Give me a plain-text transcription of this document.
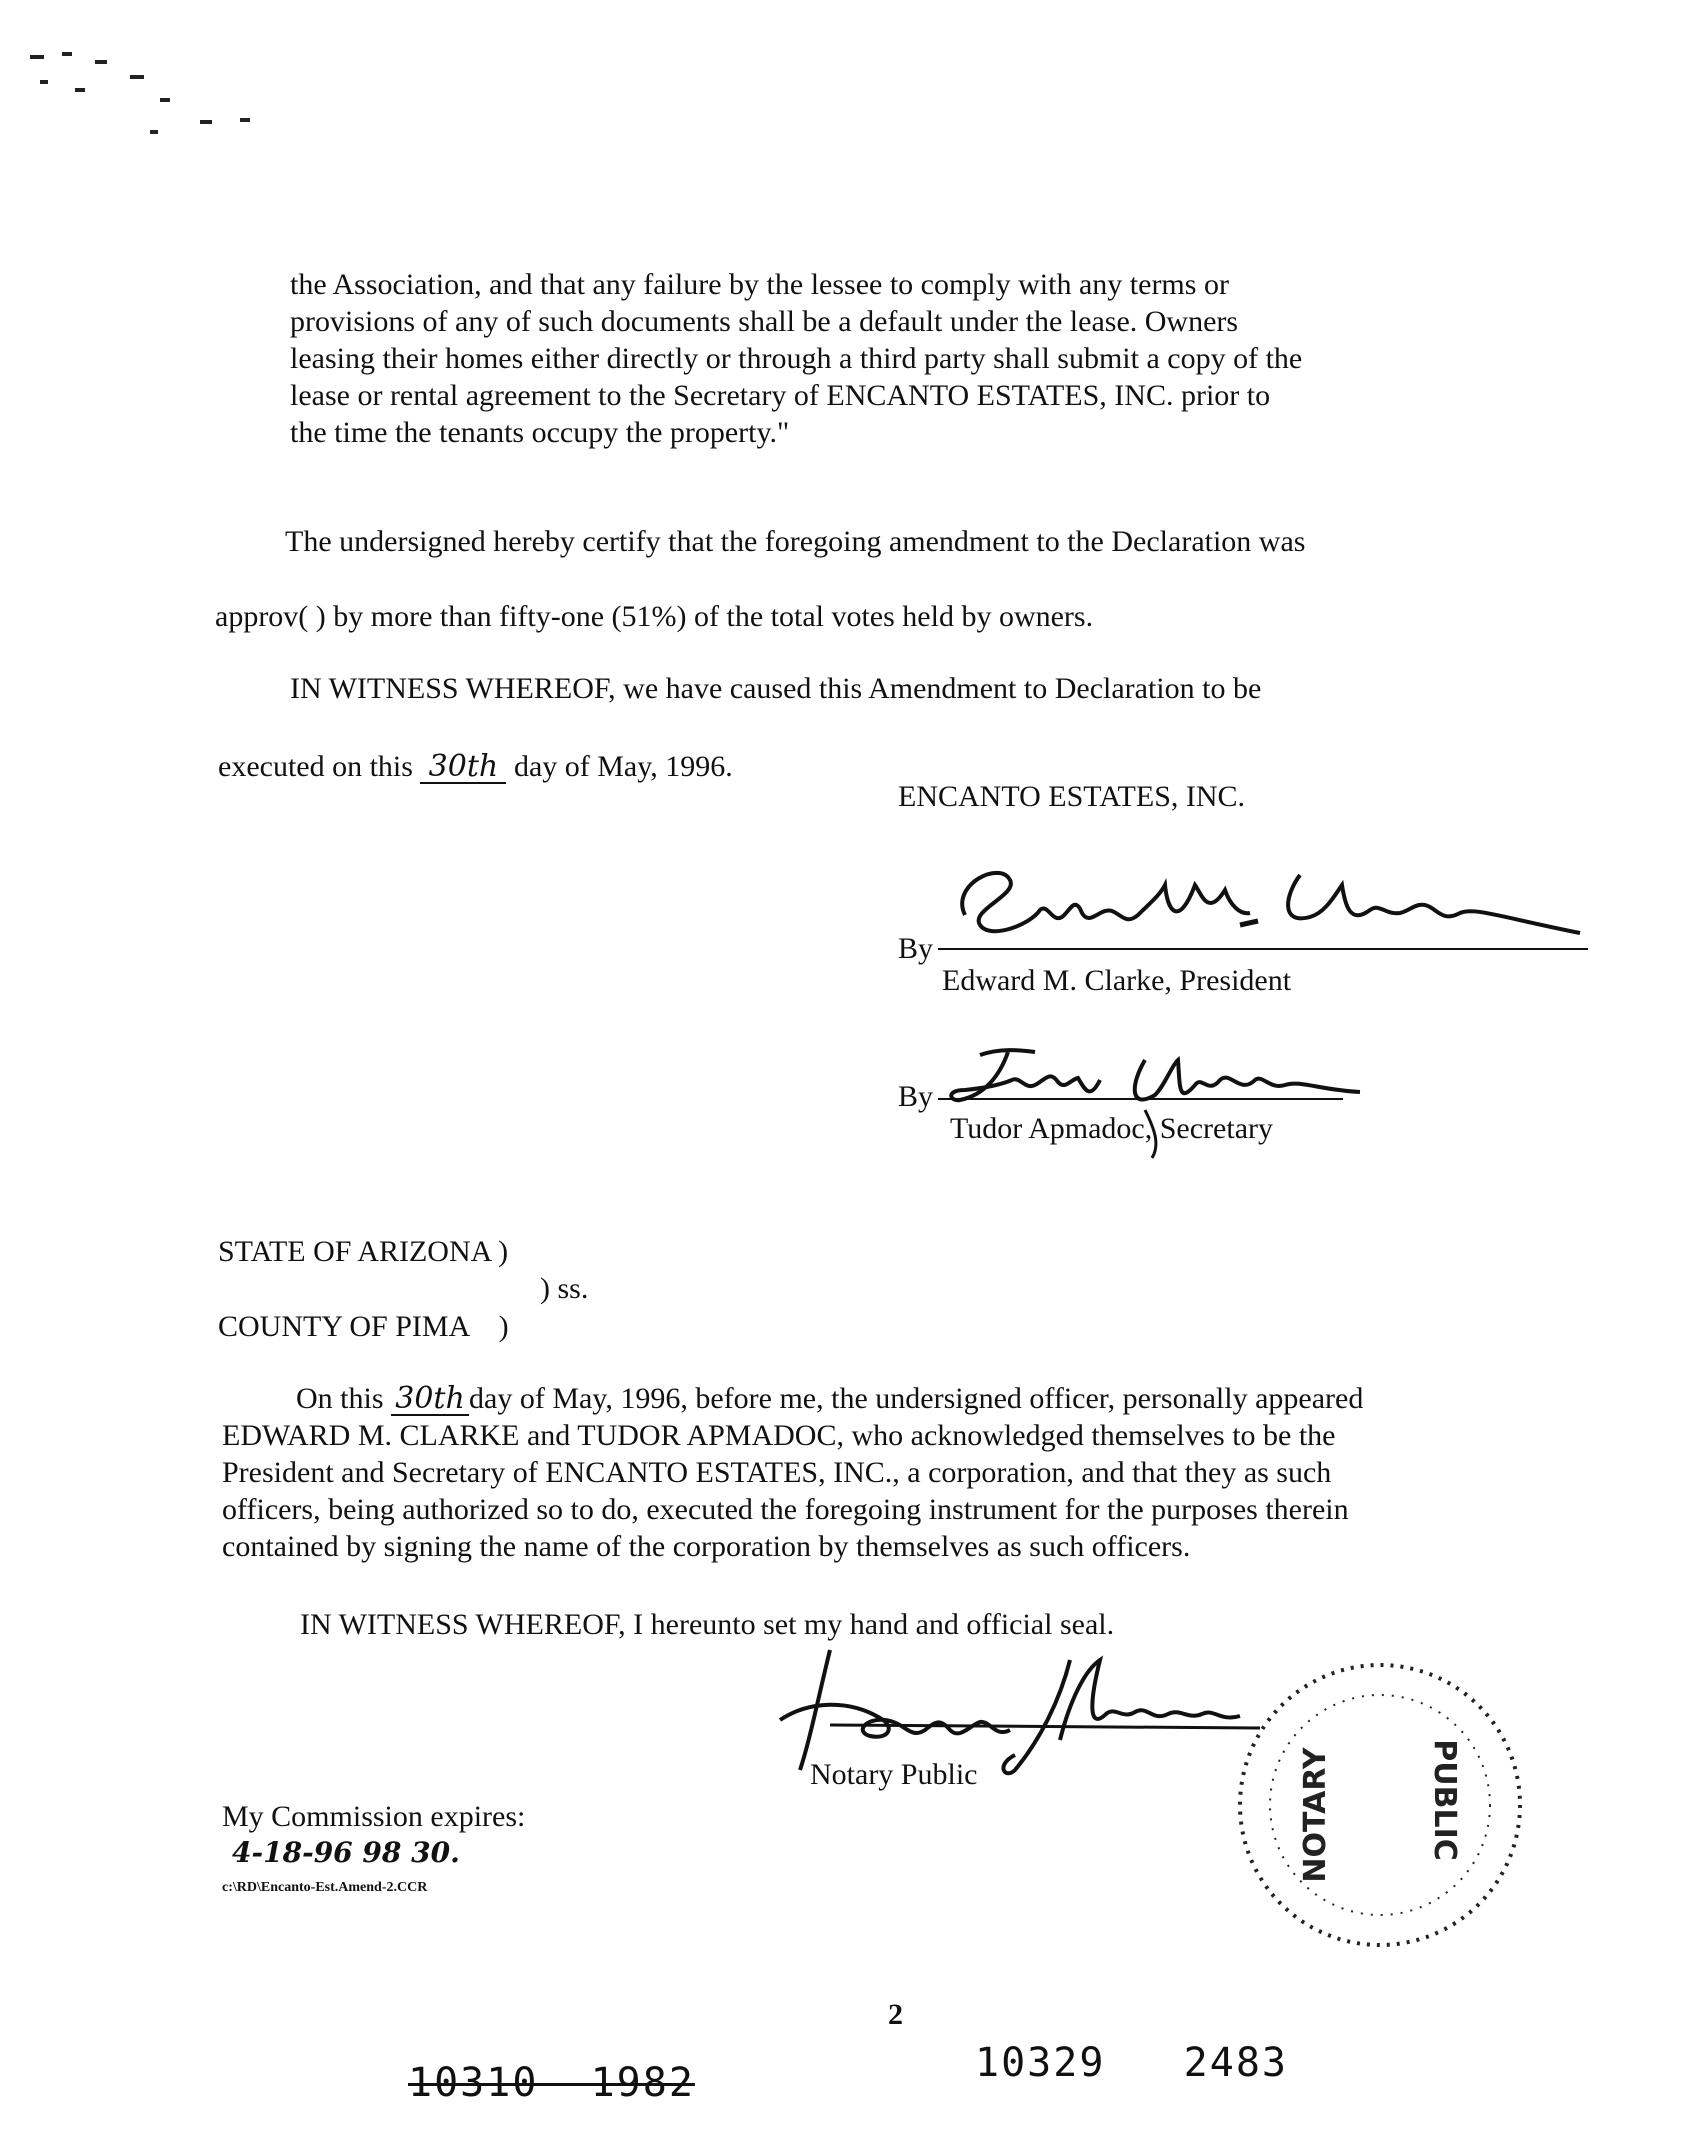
the Association, and that any failure by the lessee to comply with any terms or
provisions of any of such documents shall be a default under the lease. Owners
leasing their homes either directly or through a third party shall submit a copy of the
lease or rental agreement to the Secretary of ENCANTO ESTATES, INC. prior to
the time the tenants occupy the property."
The undersigned hereby certify that the foregoing amendment to the Declaration was
approv( ) by more than fifty-one (51%) of the total votes held by owners.
IN WITNESS WHEREOF, we have caused this Amendment to Declaration to be
executed on this 30th day of May, 1996.
ENCANTO ESTATES, INC.
By
Edward M. Clarke, President
By
Tudor Apmadoc, Secretary
STATE OF ARIZONA )
) ss.
COUNTY OF PIMA    )
On this 30th day of May, 1996, before me, the undersigned officer, personally appeared
EDWARD M. CLARKE and TUDOR APMADOC, who acknowledged themselves to be the
President and Secretary of ENCANTO ESTATES, INC., a corporation, and that they as such
officers, being authorized so to do, executed the foregoing instrument for the purposes therein
contained by signing the name of the corporation by themselves as such officers.
IN WITNESS WHEREOF, I hereunto set my hand and official seal.
Notary Public	NOTARY	PUBLIC
My Commission expires:
4-18-96 98 30.
c:\RD\Encanto-Est.Amend-2.CCR
2
10310  1982	10329   2483
